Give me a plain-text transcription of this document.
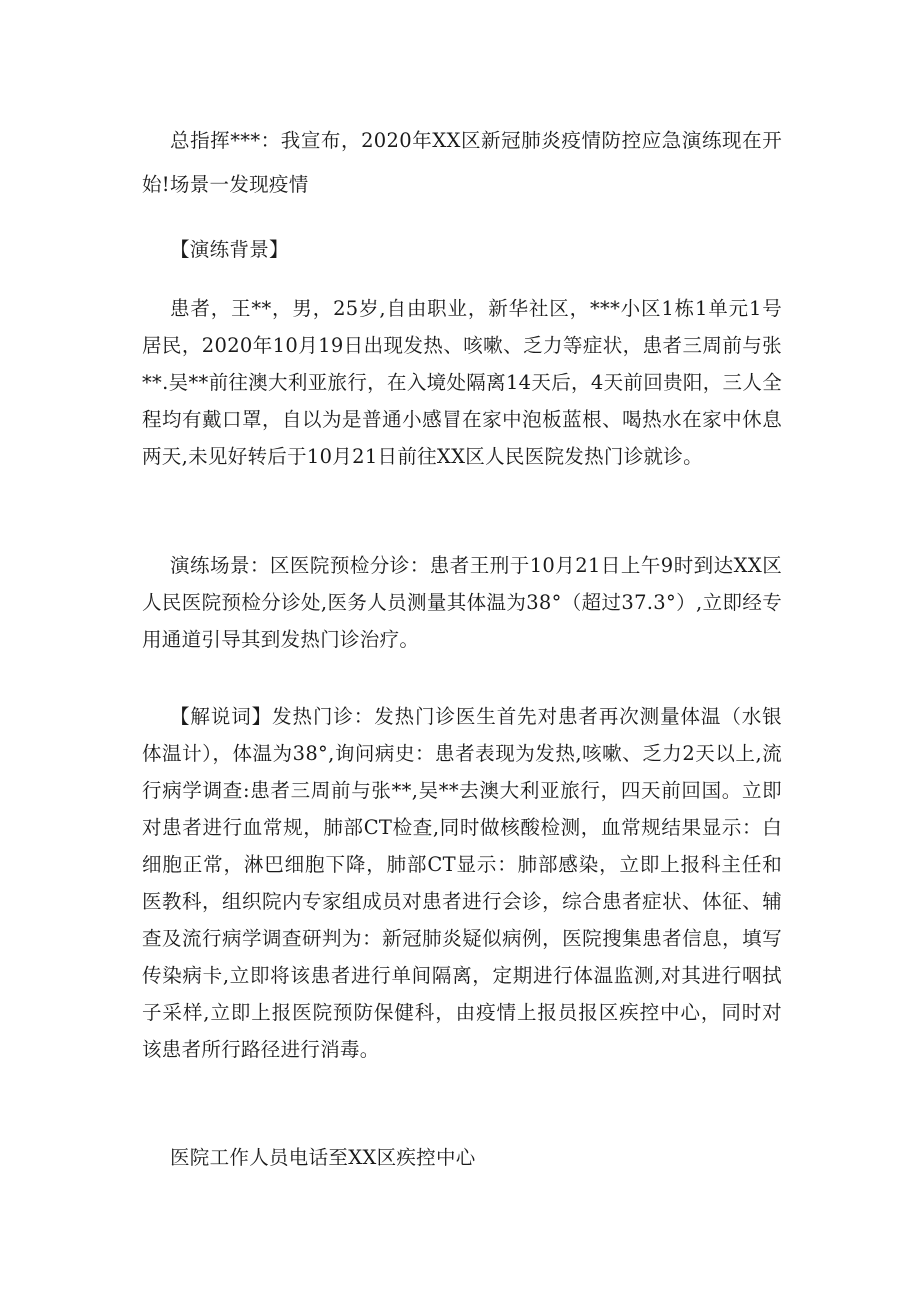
总指挥***：我宣布，2020年XX区新冠肺炎疫情防控应急演练现在开始!场景一发现疫情

【演练背景】

患者，王**，男，25岁,自由职业，新华社区，***小区1栋1单元1号居民，2020年10月19日出现发热、咳嗽、乏力等症状，患者三周前与张**.吴**前往澳大利亚旅行，在入境处隔离14天后，4天前回贵阳，三人全程均有戴口罩，自以为是普通小感冒在家中泡板蓝根、喝热水在家中休息两天,未见好转后于10月21日前往XX区人民医院发热门诊就诊。

演练场景：区医院预检分诊：患者王刑于10月21日上午9时到达XX区人民医院预检分诊处,医务人员测量其体温为38°（超过37.3°）,立即经专用通道引导其到发热门诊治疗。

【解说词】发热门诊：发热门诊医生首先对患者再次测量体温（水银体温计），体温为38°,询问病史：患者表现为发热,咳嗽、乏力2天以上,流行病学调查:患者三周前与张**,吴**去澳大利亚旅行，四天前回国。立即对患者进行血常规，肺部CT检查,同时做核酸检测，血常规结果显示：白细胞正常，淋巴细胞下降，肺部CT显示：肺部感染，立即上报科主任和医教科，组织院内专家组成员对患者进行会诊，综合患者症状、体征、辅查及流行病学调查研判为：新冠肺炎疑似病例，医院搜集患者信息，填写传染病卡,立即将该患者进行单间隔离，定期进行体温监测,对其进行咽拭子采样,立即上报医院预防保健科，由疫情上报员报区疾控中心，同时对该患者所行路径进行消毒。

医院工作人员电话至XX区疾控中心
